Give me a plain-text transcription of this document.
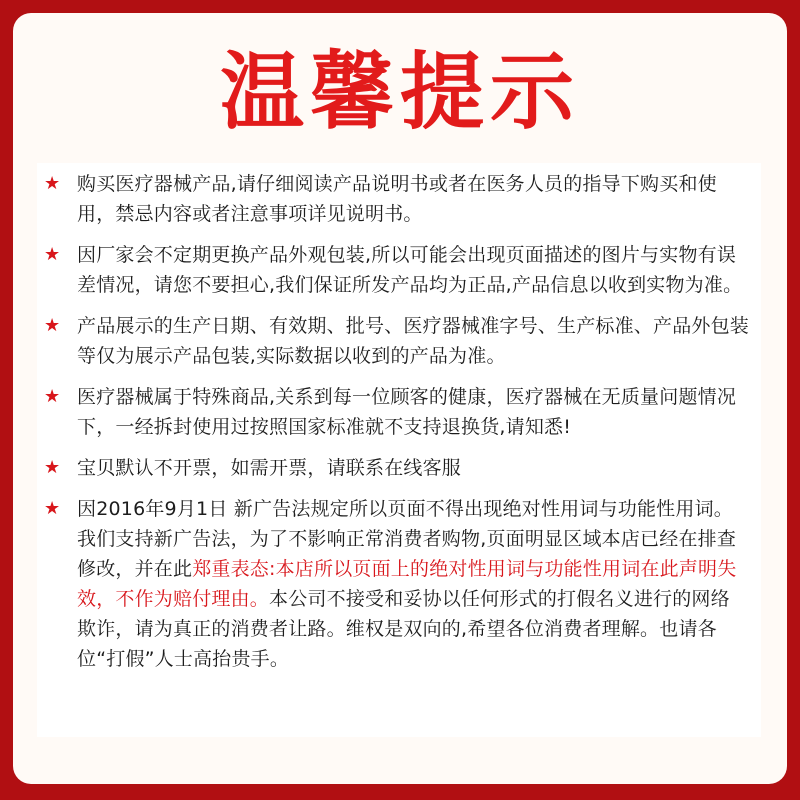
温馨提示
★ 购买医疗器械产品,请仔细阅读产品说明书或者在医务人员的指导下购买和使用，禁忌内容或者注意事项详见说明书。
★ 因厂家会不定期更换产品外观包装,所以可能会出现页面描述的图片与实物有误差情况，请您不要担心,我们保证所发产品均为正品,产品信息以收到实物为准。
★ 产品展示的生产日期、有效期、批号、医疗器械准字号、生产标准、产品外包装等仅为展示产品包装,实际数据以收到的产品为准。
★ 医疗器械属于特殊商品,关系到每一位顾客的健康，医疗器械在无质量问题情况下，一经拆封使用过按照国家标准就不支持退换货,请知悉!
★ 宝贝默认不开票，如需开票，请联系在线客服
★ 因2016年9月1日 新广告法规定所以页面不得出现绝对性用词与功能性用词。我们支持新广告法，为了不影响正常消费者购物,页面明显区域本店已经在排查修改，并在此郑重表态:本店所以页面上的绝对性用词与功能性用词在此声明失效，不作为赔付理由。本公司不接受和妥协以任何形式的打假名义进行的网络欺诈，请为真正的消费者让路。维权是双向的,希望各位消费者理解。也请各位“打假”人士高抬贵手。
